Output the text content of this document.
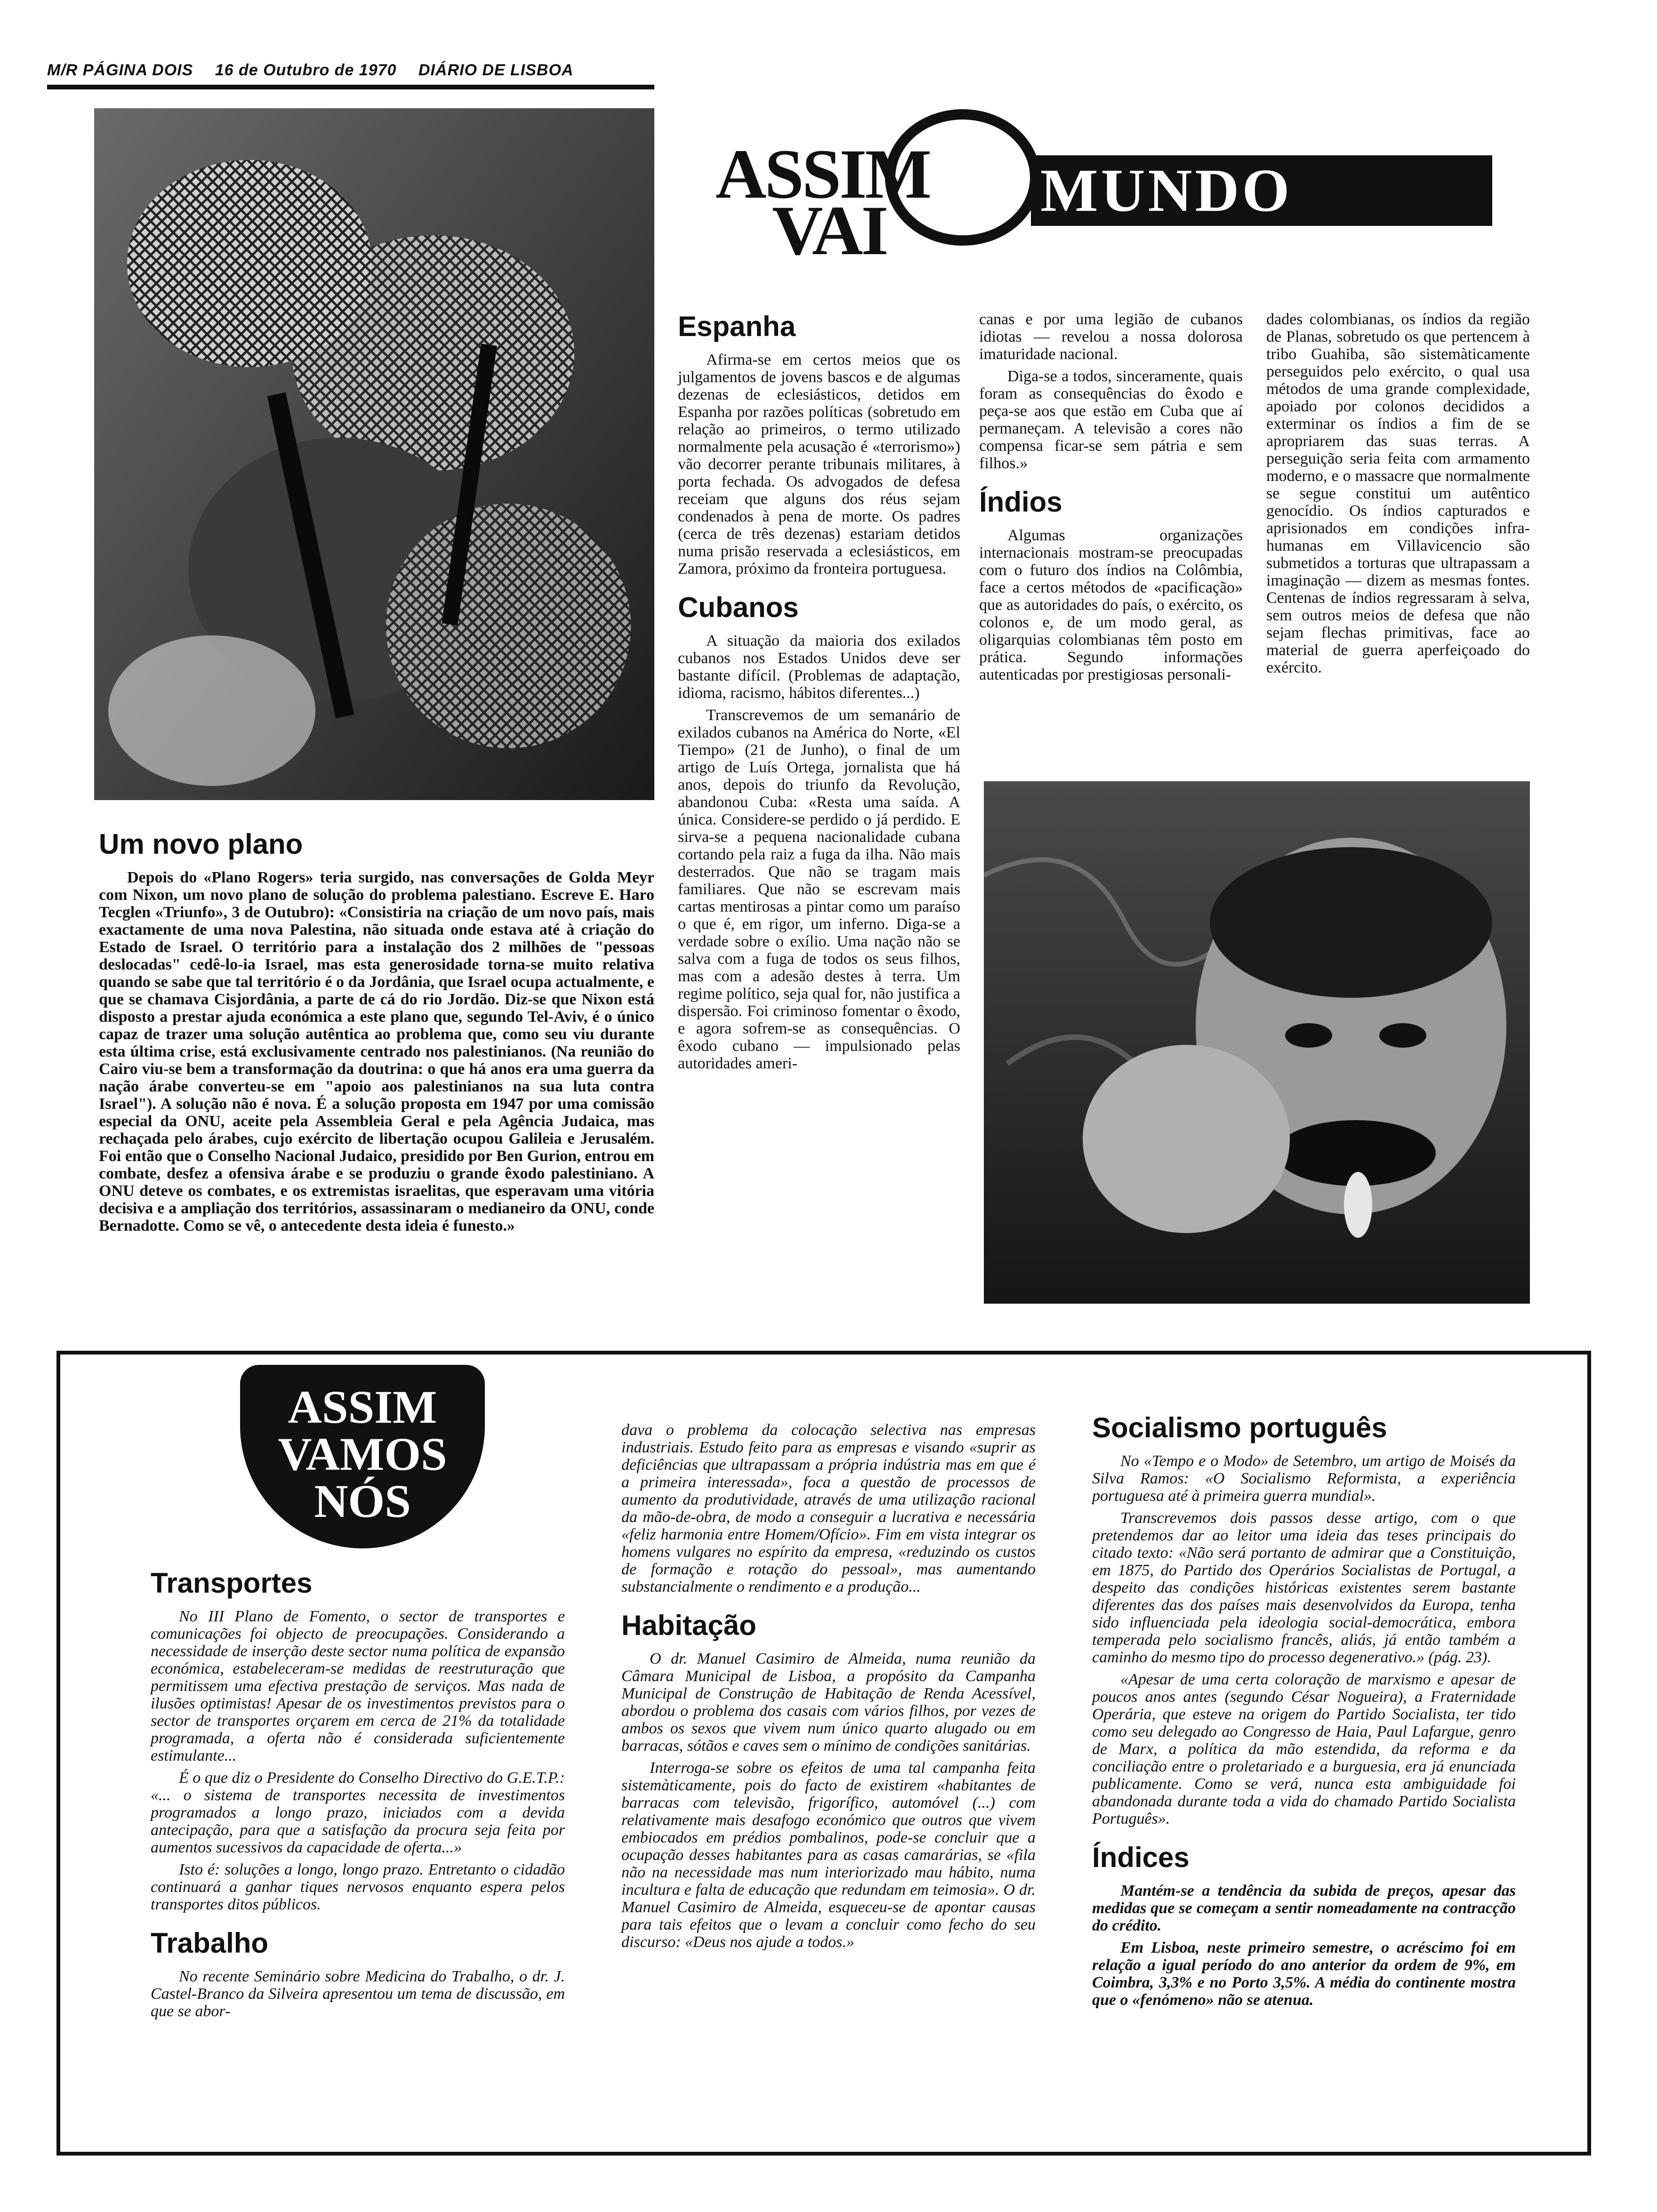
M/R PÁGINA DOIS 16 de Outubro de 1970 DIÁRIO DE LISBOA
ASSIM
VAI
MUNDO
Espanha

Afirma-se em certos meios que os julgamentos de jovens bascos e de algumas dezenas de eclesiásticos, detidos em Espanha por razões políticas (sobretudo em relação ao primeiros, o termo utilizado normalmente pela acusação é «terrorismo») vão decorrer perante tribunais militares, à porta fechada. Os advogados de defesa receiam que alguns dos réus sejam condenados à pena de morte. Os padres (cerca de três dezenas) estariam detidos numa prisão reservada a eclesiásticos, em Zamora, próximo da fronteira portuguesa.

Cubanos

A situação da maioria dos exilados cubanos nos Estados Unidos deve ser bastante difícil. (Problemas de adaptação, idioma, racismo, hábitos diferentes...)

Transcrevemos de um semanário de exilados cubanos na América do Norte, «El Tiempo» (21 de Junho), o final de um artigo de Luís Ortega, jornalista que há anos, depois do triunfo da Revolução, abandonou Cuba: «Resta uma saída. A única. Considere-se perdido o já perdido. E sirva-se a pequena nacionalidade cubana cortando pela raiz a fuga da ilha. Não mais desterrados. Que não se tragam mais familiares. Que não se escrevam mais cartas mentirosas a pintar como um paraíso o que é, em rigor, um inferno. Diga-se a verdade sobre o exílio. Uma nação não se salva com a fuga de todos os seus filhos, mas com a adesão destes à terra. Um regime político, seja qual for, não justifica a dispersão. Foi criminoso fomentar o êxodo, e agora sofrem-se as consequências. O êxodo cubano — impulsionado pelas autoridades ameri-

canas e por uma legião de cubanos idiotas — revelou a nossa dolorosa imaturidade nacional.

Diga-se a todos, sinceramente, quais foram as consequências do êxodo e peça-se aos que estão em Cuba que aí permaneçam. A televisão a cores não compensa ficar-se sem pátria e sem filhos.»

Índios

Algumas organizações internacionais mostram-se preocupadas com o futuro dos índios na Colômbia, face a certos métodos de «pacificação» que as autoridades do país, o exército, os colonos e, de um modo geral, as oligarquias colombianas têm posto em prática. Segundo informações autenticadas por prestigiosas personali-

dades colombianas, os índios da região de Planas, sobretudo os que pertencem à tribo Guahiba, são sistemàticamente perseguidos pelo exército, o qual usa métodos de uma grande complexidade, apoiado por colonos decididos a exterminar os índios a fim de se apropriarem das suas terras. A perseguição seria feita com armamento moderno, e o massacre que normalmente se segue constitui um autêntico genocídio. Os índios capturados e aprisionados em condições infra-humanas em Villavicencio são submetidos a torturas que ultrapassam a imaginação — dizem as mesmas fontes. Centenas de índios regressaram à selva, sem outros meios de defesa que não sejam flechas primitivas, face ao material de guerra aperfeiçoado do exército.

Um novo plano

Depois do «Plano Rogers» teria surgido, nas conversações de Golda Meyr com Nixon, um novo plano de solução do problema palestiano. Escreve E. Haro Tecglen «Triunfo», 3 de Outubro): «Consistiria na criação de um novo país, mais exactamente de uma nova Palestina, não situada onde estava até à criação do Estado de Israel. O território para a instalação dos 2 milhões de "pessoas deslocadas" cedê-lo-ia Israel, mas esta generosidade torna-se muito relativa quando se sabe que tal território é o da Jordânia, que Israel ocupa actualmente, e que se chamava Cisjordânia, a parte de cá do rio Jordão. Diz-se que Nixon está disposto a prestar ajuda económica a este plano que, segundo Tel-Aviv, é o único capaz de trazer uma solução autêntica ao problema que, como seu viu durante esta última crise, está exclusivamente centrado nos palestinianos. (Na reunião do Cairo viu-se bem a transformação da doutrina: o que há anos era uma guerra da nação árabe converteu-se em "apoio aos palestinianos na sua luta contra Israel"). A solução não é nova. É a solução proposta em 1947 por uma comissão especial da ONU, aceite pela Assembleia Geral e pela Agência Judaica, mas rechaçada pelo árabes, cujo exército de libertação ocupou Galileia e Jerusalém. Foi então que o Conselho Nacional Judaico, presidido por Ben Gurion, entrou em combate, desfez a ofensiva árabe e se produziu o grande êxodo palestiniano. A ONU deteve os combates, e os extremistas israelitas, que esperavam uma vitória decisiva e a ampliação dos territórios, assassinaram o medianeiro da ONU, conde Bernadotte. Como se vê, o antecedente desta ideia é funesto.»

ASSIM
VAMOS
NÓS
Transportes

No III Plano de Fomento, o sector de transportes e comunicações foi objecto de preocupações. Considerando a necessidade de inserção deste sector numa política de expansão económica, estabeleceram-se medidas de reestruturação que permitissem uma efectiva prestação de serviços. Mas nada de ilusões optimistas! Apesar de os investimentos previstos para o sector de transportes orçarem em cerca de 21% da totalidade programada, a oferta não é considerada suficientemente estimulante...

É o que diz o Presidente do Conselho Directivo do G.E.T.P.: «... o sistema de transportes necessita de investimentos programados a longo prazo, iniciados com a devida antecipação, para que a satisfação da procura seja feita por aumentos sucessivos da capacidade de oferta...»

Isto é: soluções a longo, longo prazo. Entretanto o cidadão continuará a ganhar tiques nervosos enquanto espera pelos transportes ditos públicos.

Trabalho

No recente Seminário sobre Medicina do Trabalho, o dr. J. Castel-Branco da Silveira apresentou um tema de discussão, em que se abor-

dava o problema da colocação selectiva nas empresas industriais. Estudo feito para as empresas e visando «suprir as deficiências que ultrapassam a própria indústria mas em que é a primeira interessada», foca a questão de processos de aumento da produtividade, através de uma utilização racional da mão-de-obra, de modo a conseguir a lucrativa e necessária «feliz harmonia entre Homem/Ofício». Fim em vista integrar os homens vulgares no espírito da empresa, «reduzindo os custos de formação e rotação do pessoal», mas aumentando substancialmente o rendimento e a produção...

Habitação

O dr. Manuel Casimiro de Almeida, numa reunião da Câmara Municipal de Lisboa, a propósito da Campanha Municipal de Construção de Habitação de Renda Acessível, abordou o problema dos casais com vários filhos, por vezes de ambos os sexos que vivem num único quarto alugado ou em barracas, sótãos e caves sem o mínimo de condições sanitárias.

Interroga-se sobre os efeitos de uma tal campanha feita sistemàticamente, pois do facto de existirem «habitantes de barracas com televisão, frigorífico, automóvel (...) com relativamente mais desafogo económico que outros que vivem embiocados em prédios pombalinos, pode-se concluir que a ocupação desses habitantes para as casas camarárias, se «fila não na necessidade mas num interiorizado mau hábito, numa incultura e falta de educação que redundam em teimosia». O dr. Manuel Casimiro de Almeida, esqueceu-se de apontar causas para tais efeitos que o levam a concluir como fecho do seu discurso: «Deus nos ajude a todos.»

Socialismo português

No «Tempo e o Modo» de Setembro, um artigo de Moisés da Silva Ramos: «O Socialismo Reformista, a experiência portuguesa até à primeira guerra mundial».

Transcrevemos dois passos desse artigo, com o que pretendemos dar ao leitor uma ideia das teses principais do citado texto: «Não será portanto de admirar que a Constituição, em 1875, do Partido dos Operários Socialistas de Portugal, a despeito das condições históricas existentes serem bastante diferentes das dos países mais desenvolvidos da Europa, tenha sido influenciada pela ideologia social-democrática, embora temperada pelo socialismo francês, aliás, já então também a caminho do mesmo tipo do processo degenerativo.» (pág. 23).

«Apesar de uma certa coloração de marxismo e apesar de poucos anos antes (segundo César Nogueira), a Fraternidade Operária, que esteve na origem do Partido Socialista, ter tido como seu delegado ao Congresso de Haia, Paul Lafargue, genro de Marx, a política da mão estendida, da reforma e da conciliação entre o proletariado e a burguesia, era já enunciada publicamente. Como se verá, nunca esta ambiguidade foi abandonada durante toda a vida do chamado Partido Socialista Português».

Índices

Mantém-se a tendência da subida de preços, apesar das medidas que se começam a sentir nomeadamente na contracção do crédito.

Em Lisboa, neste primeiro semestre, o acréscimo foi em relação a igual período do ano anterior da ordem de 9%, em Coimbra, 3,3% e no Porto 3,5%. A média do continente mostra que o «fenómeno» não se atenua.
